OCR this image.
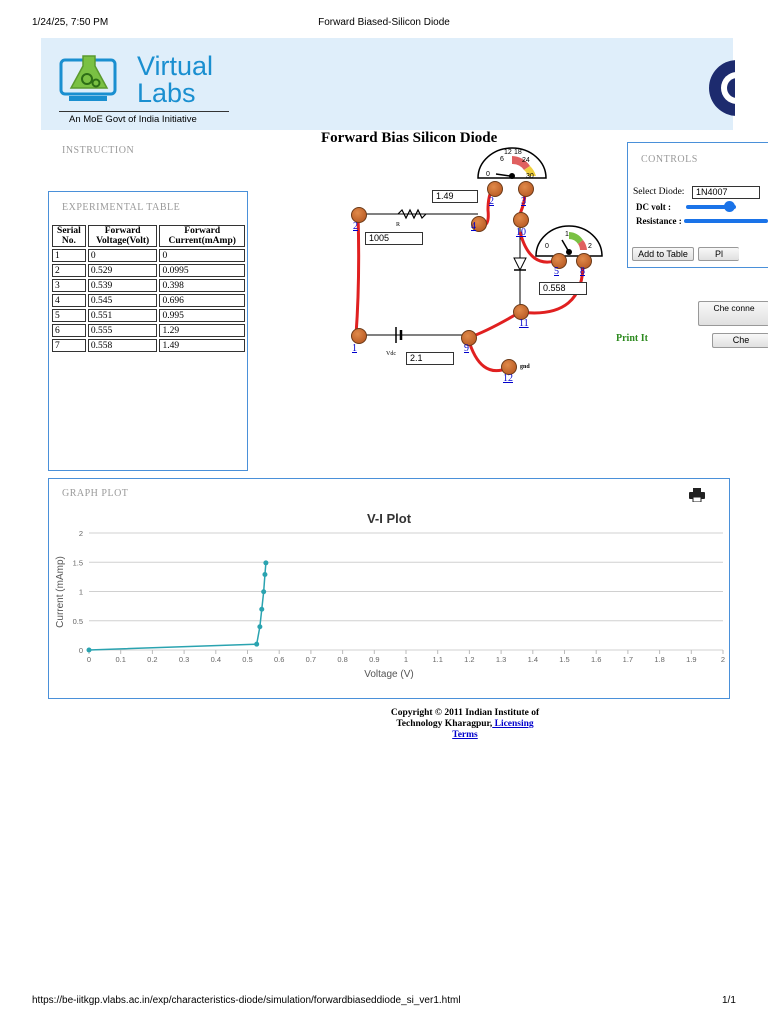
1/24/25, 7:50 PM	Forward Biased-Silicon Diode
Virtual
Labs
An MoE Govt of India Initiative
Forward Bias Silicon Diode
INSTRUCTION
EXPERIMENTAL TABLE
Serial No.	Forward Voltage(Volt)	Forward Current(mAmp)
1	0	0
2	0.529	0.0995
3	0.539	0.398
4	0.545	0.696
5	0.551	0.995
6	0.555	1.29
7	0.558	1.49
6
12 18
24
0	30
1
0	2
R
Vdc
gnd
1.49
1005
0.558
2.1
2
1
4
2	3
10
5 8
11
9
12
CONTROLS
Select Diode:	1N4007
DC volt :
Resistance :
Add to Table	Pl
Che conne
Print It	Che
GRAPH PLOT
V-I Plot
0
0.5
1
1.5
2
0	0.1	0.2	0.3	0.4	0.5	0.6	0.7	0.8	0.9	1	1.1	1.2	1.3	1.4	1.5	1.6	1.7	1.8	1.9	2
Voltage (V)
Current (mAmp)
Copyright © 2011 Indian Institute of
Technology Kharagpur, Licensing
Terms
https://be-iitkgp.vlabs.ac.in/exp/characteristics-diode/simulation/forwardbiaseddiode_si_ver1.html	1/1
